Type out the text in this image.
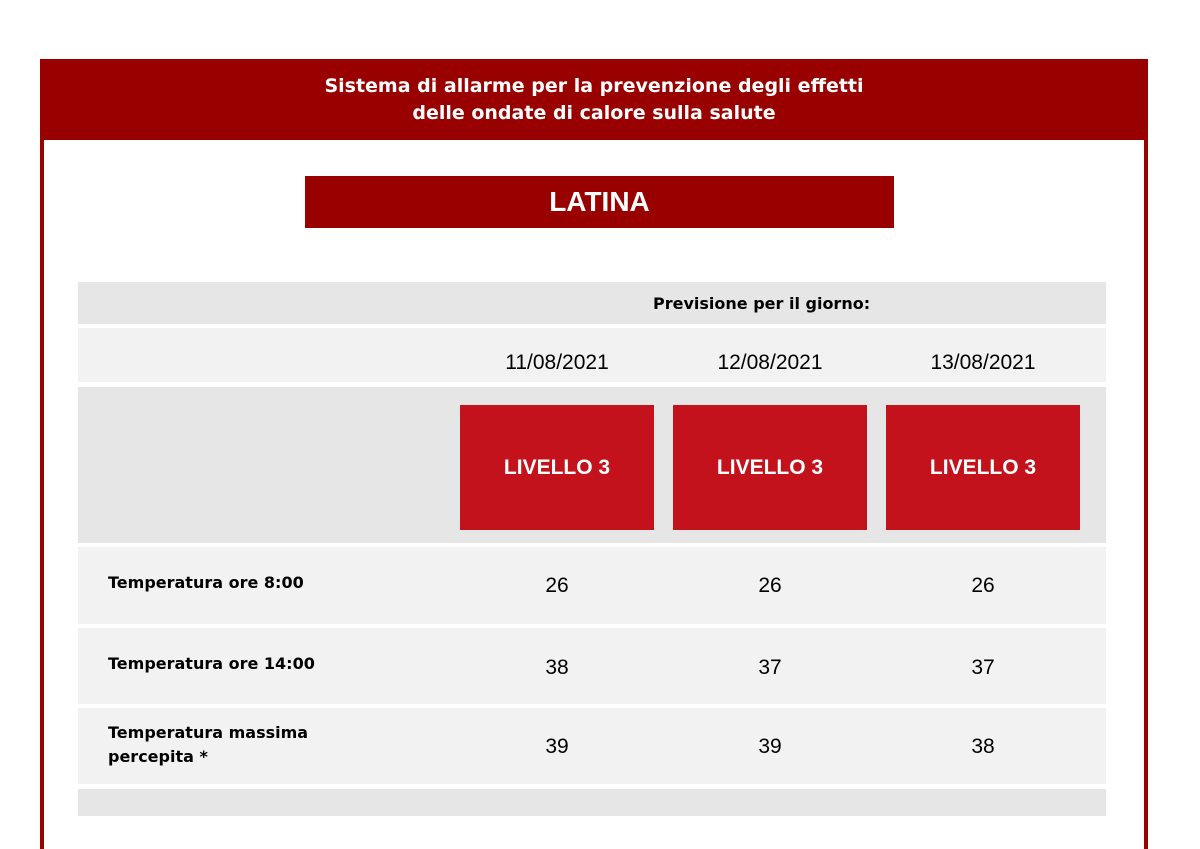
Sistema di allarme per la prevenzione degli effetti
delle ondate di calore sulla salute
LATINA
Previsione per il giorno:
11/08/2021	12/08/2021	13/08/2021
LIVELLO 3	LIVELLO 3	LIVELLO 3
Temperatura ore 8:00	26	26	26
Temperatura ore 14:00	38	37	37
Temperatura massima
percepita *	39	39	38
